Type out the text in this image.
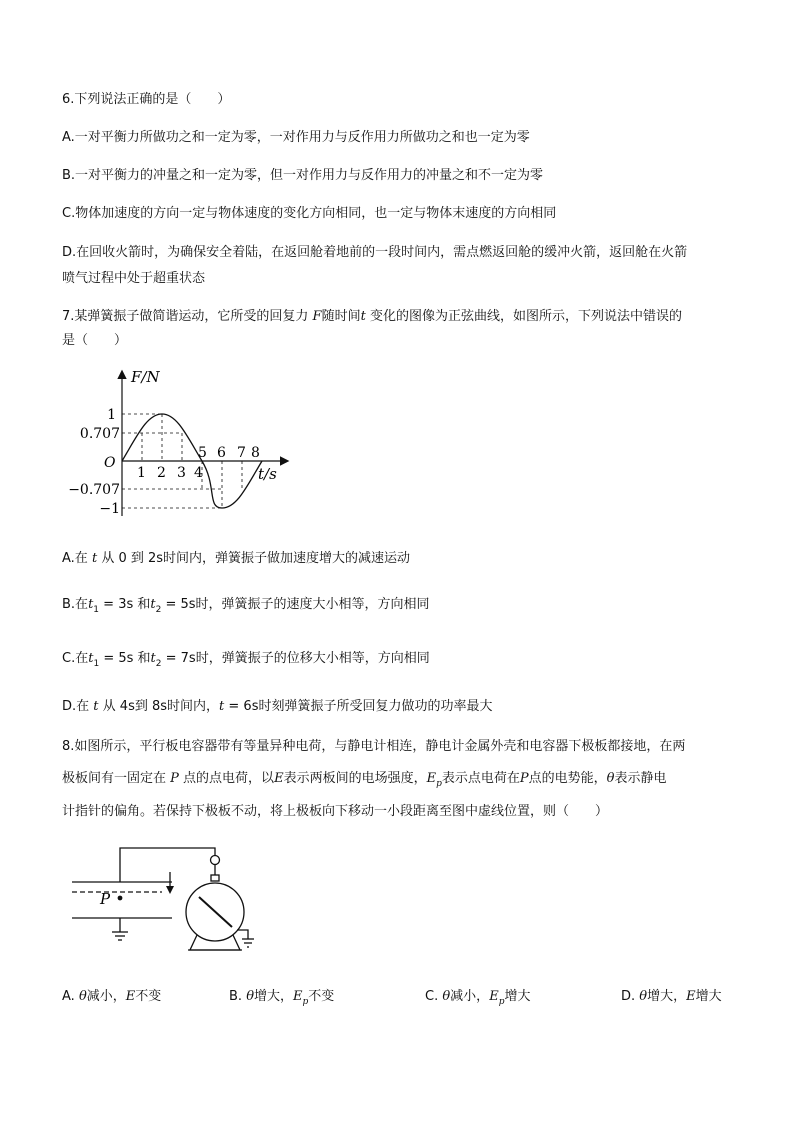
6.下列说法正确的是（　　）
A.一对平衡力所做功之和一定为零，一对作用力与反作用力所做功之和也一定为零
B.一对平衡力的冲量之和一定为零，但一对作用力与反作用力的冲量之和不一定为零
C.物体加速度的方向一定与物体速度的变化方向相同，也一定与物体末速度的方向相同
D.在回收火箭时，为确保安全着陆，在返回舱着地前的一段时间内，需点燃返回舱的缓冲火箭，返回舱在火箭
喷气过程中处于超重状态
7.某弹簧振子做简谐运动，它所受的回复力 F随时间t 变化的图像为正弦曲线，如图所示，下列说法中错误的
是（　　）
F/N
t/s
O
1
0.707
−0.707
−1
1 2 3 4
5 6 7 8
A.在 t 从 0 到 2s时间内，弹簧振子做加速度增大的减速运动
B.在$t_1 = 3s$ 和$t_2 = 5s$时，弹簧振子的速度大小相等，方向相同
C.在$t_1 = 5s$ 和$t_2 = 7s$时，弹簧振子的位移大小相等，方向相同
D.在 t 从 4s到 8s时间内，t = 6s时刻弹簧振子所受回复力做功的功率最大
8.如图所示，平行板电容器带有等量异种电荷，与静电计相连，静电计金属外壳和电容器下极板都接地，在两
极板间有一固定在 P 点的点电荷，以E表示两板间的电场强度，$E_p$表示点电荷在P点的电势能，θ表示静电
计指针的偏角。若保持下极板不动，将上极板向下移动一小段距离至图中虚线位置，则（　　）
P
A. θ减小，E不变	B. θ增大，$E_p$不变	C. θ减小，$E_p$增大	D. θ增大，E增大
